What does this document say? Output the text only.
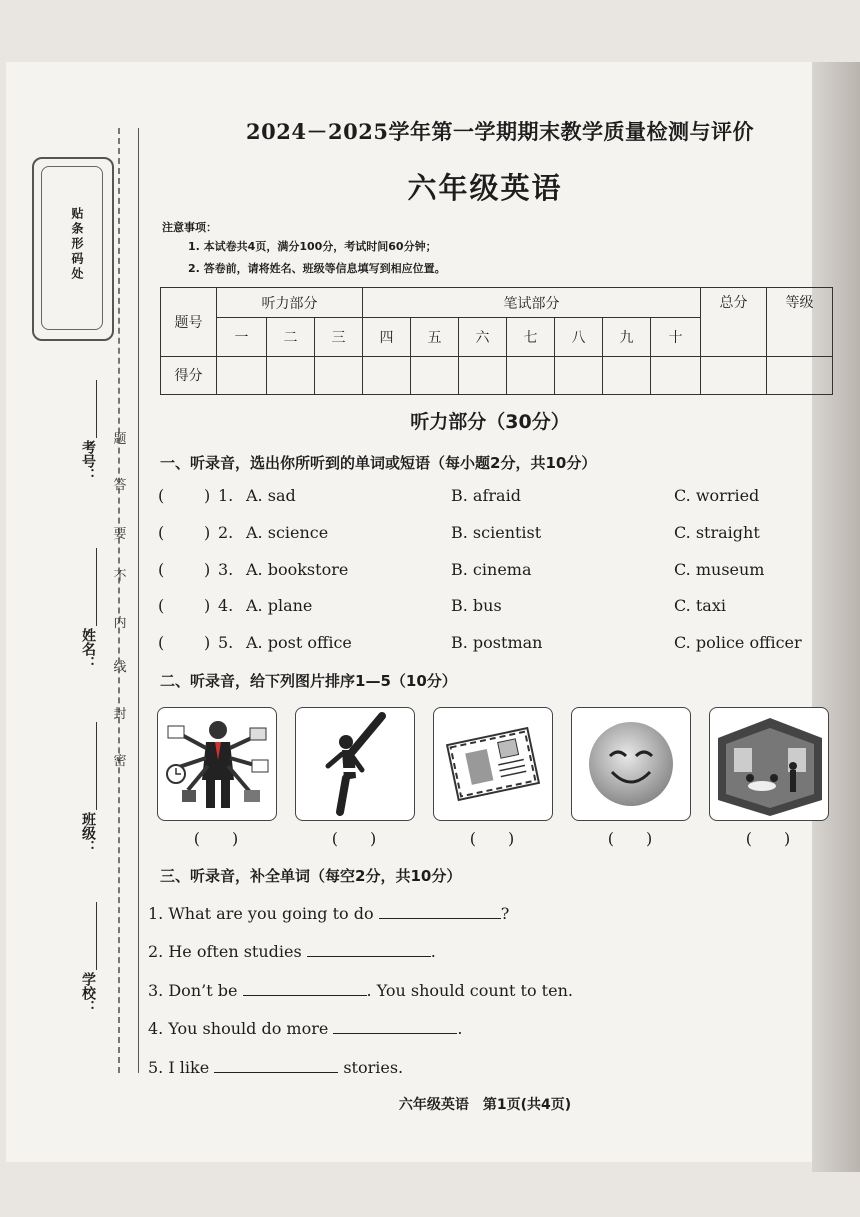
贴条形码处
题
答
要
不
内
线
封
密
考号：
姓名：
班级：
学校：
2024－2025学年第一学期期末教学质量检测与评价
六年级英语
注意事项：
1. 本试卷共4页，满分100分，考试时间60分钟；
2. 答卷前，请将姓名、班级等信息填写到相应位置。
题号	听力部分			笔试部分							总分	等级
	一	二	三	四	五	六	七	八	九	十		
得分												
听力部分（30分）
一、听录音，选出你所听到的单词或短语（每小题2分，共10分）
( ) 1. A. sad	B. afraid	C. worried
( ) 2. A. science	B. scientist	C. straight
( ) 3. A. bookstore	B. cinema	C. museum
( ) 4. A. plane	B. bus	C. taxi
( ) 5. A. post office	B. postman	C. police officer
二、听录音，给下列图片排序1—5（10分）
(　　)	(　　)	(　　)	(　　)	(　　)
三、听录音，补全单词（每空2分，共10分）
1. What are you going to do	?
2. He often studies	.
3. Don’t be	. You should count to ten.
4. You should do more	.
5. I like	stories.
六年级英语　第1页(共4页)
